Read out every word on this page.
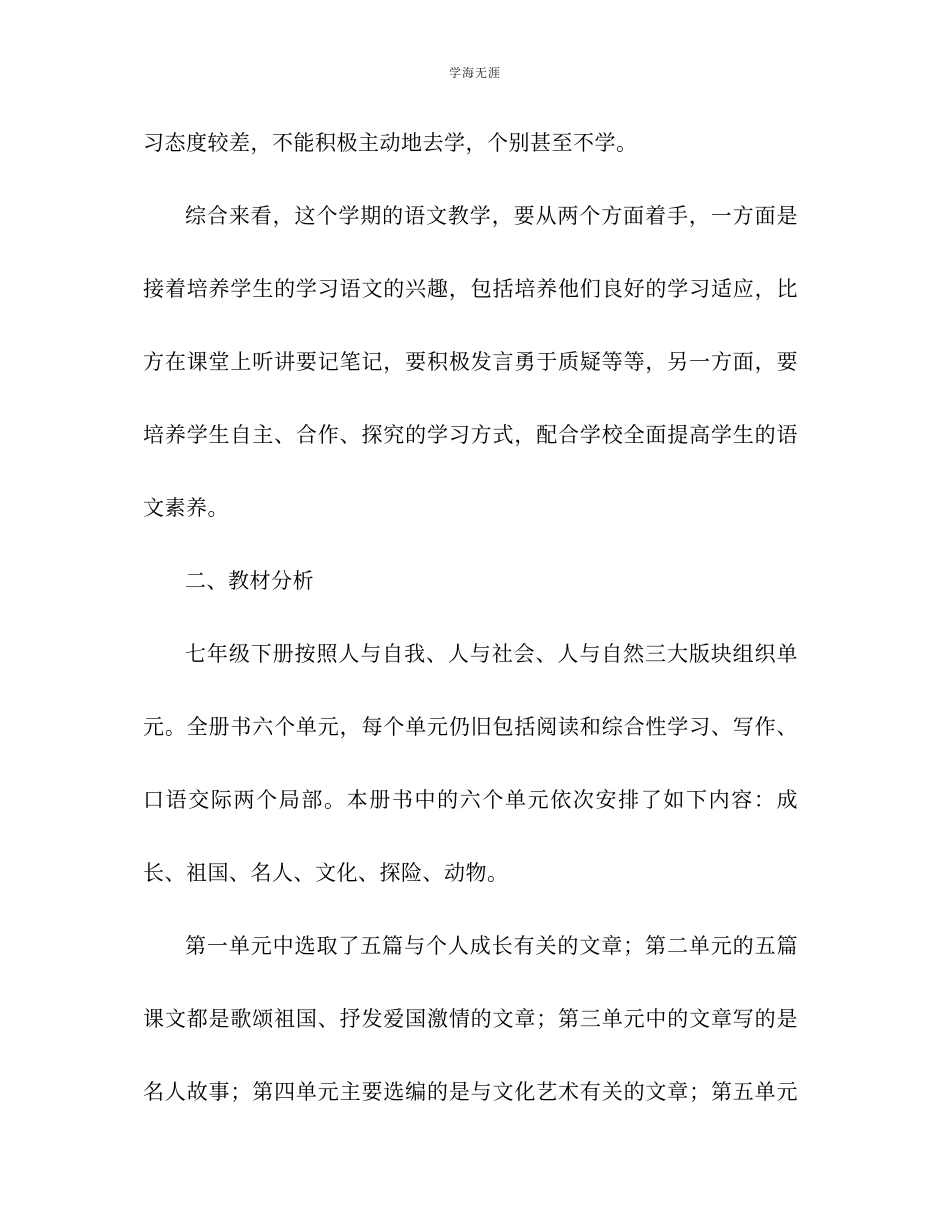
学海无涯
习态度较差，不能积极主动地去学，个别甚至不学。
综合来看，这个学期的语文教学，要从两个方面着手，一方面是
接着培养学生的学习语文的兴趣，包括培养他们良好的学习适应，比
方在课堂上听讲要记笔记，要积极发言勇于质疑等等，另一方面，要
培养学生自主、合作、探究的学习方式，配合学校全面提高学生的语
文素养。
二、教材分析
七年级下册按照人与自我、人与社会、人与自然三大版块组织单
元。全册书六个单元，每个单元仍旧包括阅读和综合性学习、写作、
口语交际两个局部。本册书中的六个单元依次安排了如下内容：成
长、祖国、名人、文化、探险、动物。
第一单元中选取了五篇与个人成长有关的文章；第二单元的五篇
课文都是歌颂祖国、抒发爱国激情的文章；第三单元中的文章写的是
名人故事；第四单元主要选编的是与文化艺术有关的文章；第五单元
